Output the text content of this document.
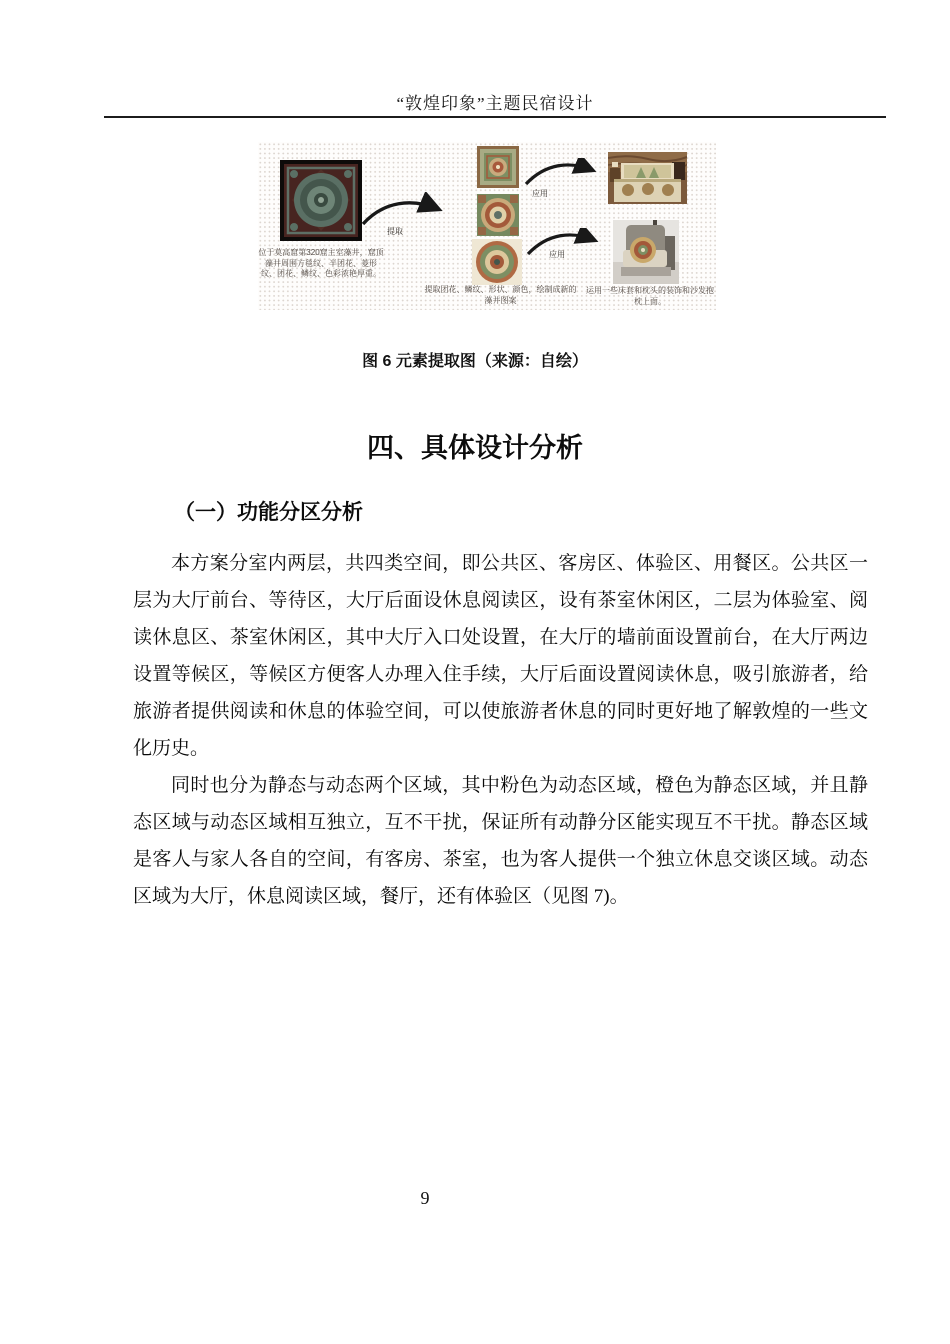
“敦煌印象”主题民宿设计
位于莫高窟第320窟主室藻井，窟顶藻井周围方毯纹、半团花、菱形纹、团花、鳞纹、色彩浓艳厚重。
提取
提取团花、鳞纹、形状、颜色，绘制成新的藻井图案
应用
应用
运用一些床套和枕头的装饰和沙发抱枕上面。
图 6 元素提取图（来源：自绘）
四、具体设计分析
（一）功能分区分析

本方案分室内两层，共四类空间，即公共区、客房区、体验区、用餐区。公共区一层为大厅前台、等待区，大厅后面设休息阅读区，设有茶室休闲区，二层为体验室、阅读休息区、茶室休闲区，其中大厅入口处设置，在大厅的墙前面设置前台，在大厅两边设置等候区，等候区方便客人办理入住手续，大厅后面设置阅读休息，吸引旅游者，给旅游者提供阅读和休息的体验空间，可以使旅游者休息的同时更好地了解敦煌的一些文化历史。

同时也分为静态与动态两个区域，其中粉色为动态区域，橙色为静态区域，并且静态区域与动态区域相互独立，互不干扰，保证所有动静分区能实现互不干扰。静态区域是客人与家人各自的空间，有客房、茶室，也为客人提供一个独立休息交谈区域。动态区域为大厅，休息阅读区域，餐厅，还有体验区（见图 7)。

9
